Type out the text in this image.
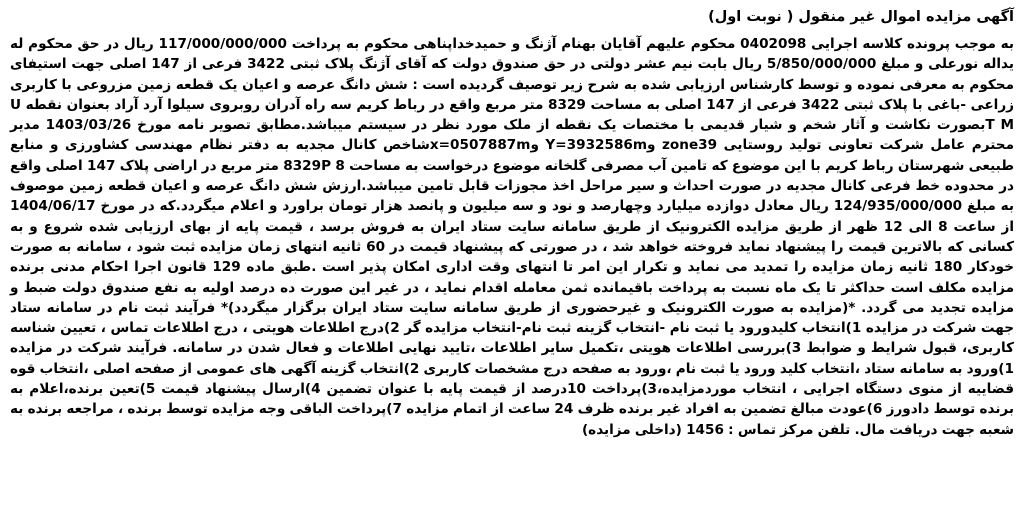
آگهی مزایده اموال غیر منقول ( نوبت اول)

به موجب پرونده کلاسه اجرایی 0402098 محکوم علیهم آقایان بهنام آژنگ و حمیدخداپناهی محکوم به پرداخت 117/000/000/000 ریال در حق محکوم له یداله نورعلی و مبلغ 5/850/000/000 ریال بابت نیم عشر دولتی در حق صندوق دولت که آقای آژنگ پلاک ثبتی 3422 فرعی از 147 اصلی جهت استیفای محکوم به معرفی نموده و توسط کارشناس ارزیابی شده به شرح زیر توصیف گردیده است : شش دانگ عرصه و اعیان یک قطعه زمین مزروعی با کاربری زراعی -باغی با پلاک ثبتی 3422 فرعی از 147 اصلی به مساحت 8329 متر مربع واقع در رباط کریم سه راه آدران روبروی سیلوا آرد آراد بعنوان نقطه U T Mبصورت نکاشت و آثار شخم و شیار قدیمی با مختصات یک نقطه از ملک مورد نظر در سیستم میباشد.مطابق تصویر نامه مورخ 1403/03/26 مدیر محترم عامل شرکت تعاونی تولید روستایی zone39 وY=3932586m وx=0507887mشاخص کانال مجدیه به دفتر نظام مهندسی کشاورزی و منابع طبیعی شهرستان رباط کریم با این موضوع که تامین آب مصرفی گلخانه موضوع درخواست به مساحت 8329P 8 متر مربع در اراضی پلاک 147 اصلی واقع در محدوده خط فرعی کانال مجدیه در صورت احداث و سیر مراحل اخذ مجوزات قابل تامین میباشد.ارزش شش دانگ عرصه و اعیان قطعه زمین موصوف به مبلغ 124/935/000/000 ریال معادل دوازده میلیارد وچهارصد و نود و سه میلیون و پانصد هزار تومان براورد و اعلام میگردد.که در مورخ 1404/06/17 از ساعت 8 الی 12 ظهر از طریق مزایده الکترونیک از طریق سامانه سایت ستاد ایران به فروش برسد ، قیمت پایه از بهای ارزیابی شده شروع و به کسانی که بالاترین قیمت را پیشنهاد نماید فروخته خواهد شد ، در صورتی که پیشنهاد قیمت در 60 ثانیه انتهای زمان مزایده ثبت شود ، سامانه به صورت خودکار 180 ثانیه زمان مزایده را تمدید می نماید و تکرار این امر تا انتهای وقت اداری امکان پذیر است .طبق ماده 129 قانون اجرا احکام مدنی برنده مزایده مکلف است حداکثر تا یک ماه نسبت به پرداخت باقیمانده ثمن معامله اقدام نماید ، در غیر این صورت ده درصد اولیه به نفع صندوق دولت ضبط و مزایده تجدید می گردد. *(مزایده به صورت الکترونیک و غیرحضوری از طریق سامانه سایت ستاد ایران برگزار میگردد)* فرآیند ثبت نام در سامانه ستاد جهت شرکت در مزایده 1)انتخاب کلیدورود یا ثبت نام -انتخاب گزینه ثبت نام-انتخاب مزایده گر 2)درج اطلاعات هویتی ، درج اطلاعات تماس ، تعیین شناسه کاربری، قبول شرایط و ضوابط 3)بررسی اطلاعات هویتی ،تکمیل سایر اطلاعات ،تایید نهایی اطلاعات و فعال شدن در سامانه. فرآیند شرکت در مزایده 1)ورود به سامانه ستاد ،انتخاب کلید ورود یا ثبت نام ،ورود به صفحه درج مشخصات کاربری 2)انتخاب گزینه آگهی های عمومی از صفحه اصلی ،انتخاب قوه قضاییه از منوی دستگاه اجرایی ، انتخاب موردمزایده،3)پرداخت 10درصد از قیمت پایه با عنوان تضمین 4)ارسال پیشنهاد قیمت 5)تعین برنده،اعلام به برنده توسط دادورز 6)عودت مبالغ تضمین به افراد غیر برنده ظرف 24 ساعت از اتمام مزایده 7)پرداخت الباقی وجه مزایده توسط برنده ، مراجعه برنده به شعبه جهت دریافت مال. تلفن مرکز تماس : 1456 (داخلی مزایده)
